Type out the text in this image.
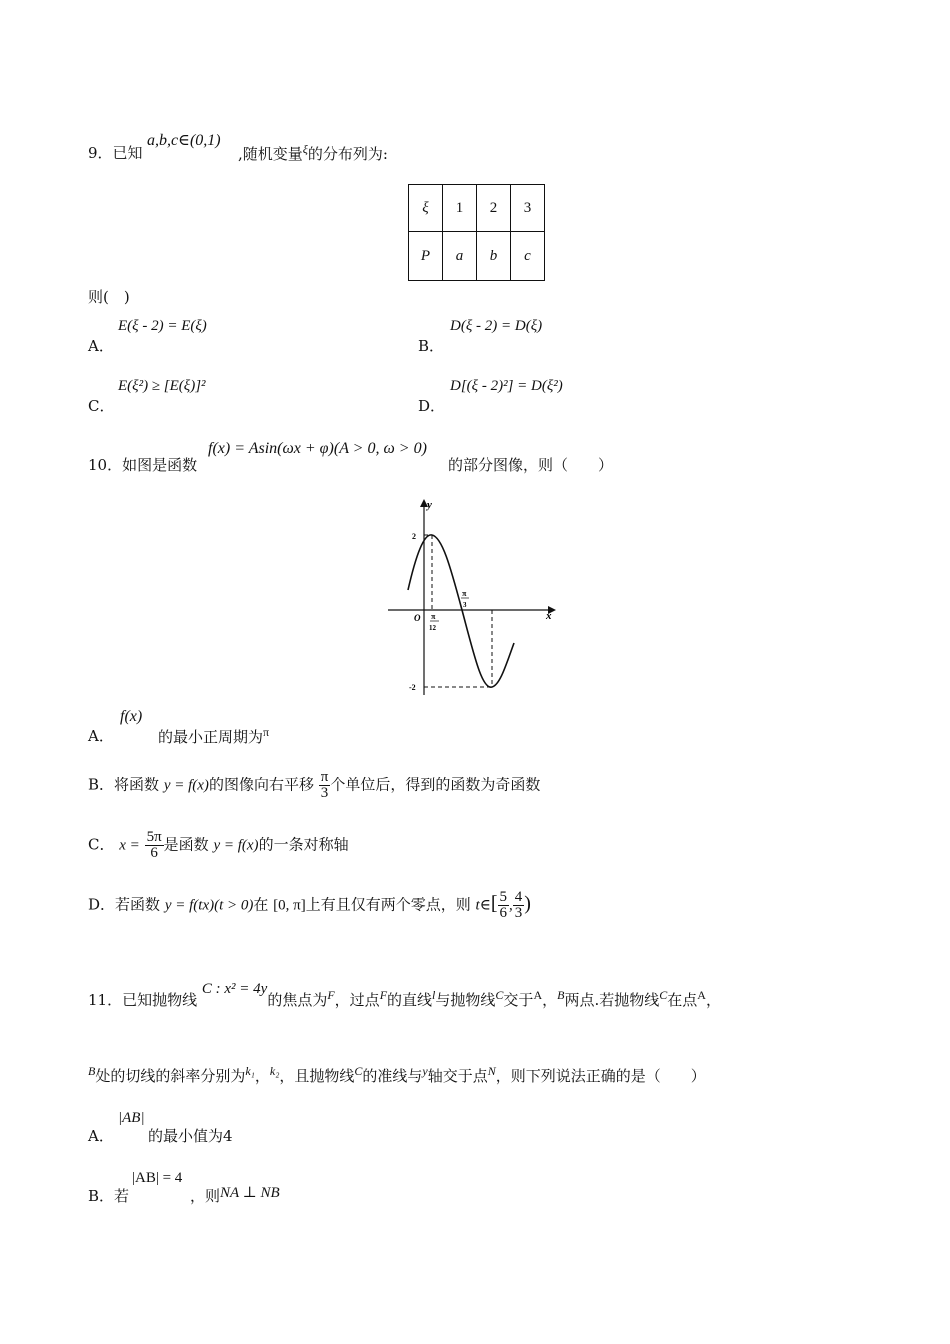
9．已知
a,b,c∈(0,1)
,随机变量$^\xi$的分布列为:
ξ	1	2	3
P	a	b	c
则(　)
A．
E(ξ - 2) = E(ξ)
B．
D(ξ - 2) = D(ξ)
C．
E(ξ²) ≥ [E(ξ)]²
D．
D[(ξ - 2)²] = D(ξ²)
10．如图是函数
f(x) = Asin(ωx + φ)(A > 0, ω > 0)
的部分图像，则（　　）
y
x
O
2
-2
π
12
π
3
A．
f(x)
的最小正周期为$^\pi$
B．将函数 y = f(x)的图像向右平移 $\frac{\pi}{3}$ 个单位后，得到的函数为奇函数
C． $x = \frac{5\pi}{6}$ 是函数 y = f(x)的一条对称轴
D．若函数 y = f(tx)(t > 0)在 [0, π]上有且仅有两个零点，则 t∈[ $\frac{5}{6}$ , $\frac{4}{3}$ )
11．已知抛物线 C : x² = 4y的焦点为$^F$，过点$^F$的直线$^l$与抛物线$^C$交于$^A$，$^B$两点.若抛物线$^C$在点$^A$，
$^B$处的切线的斜率分别为$^{k_1}$，$^{k_2}$，且抛物线$^C$的准线与$^y$轴交于点$^N$，则下列说法正确的是（　　）
A．
|AB|
的最小值为4
B．若
|AB| = 4
，则NA ⊥ NB
